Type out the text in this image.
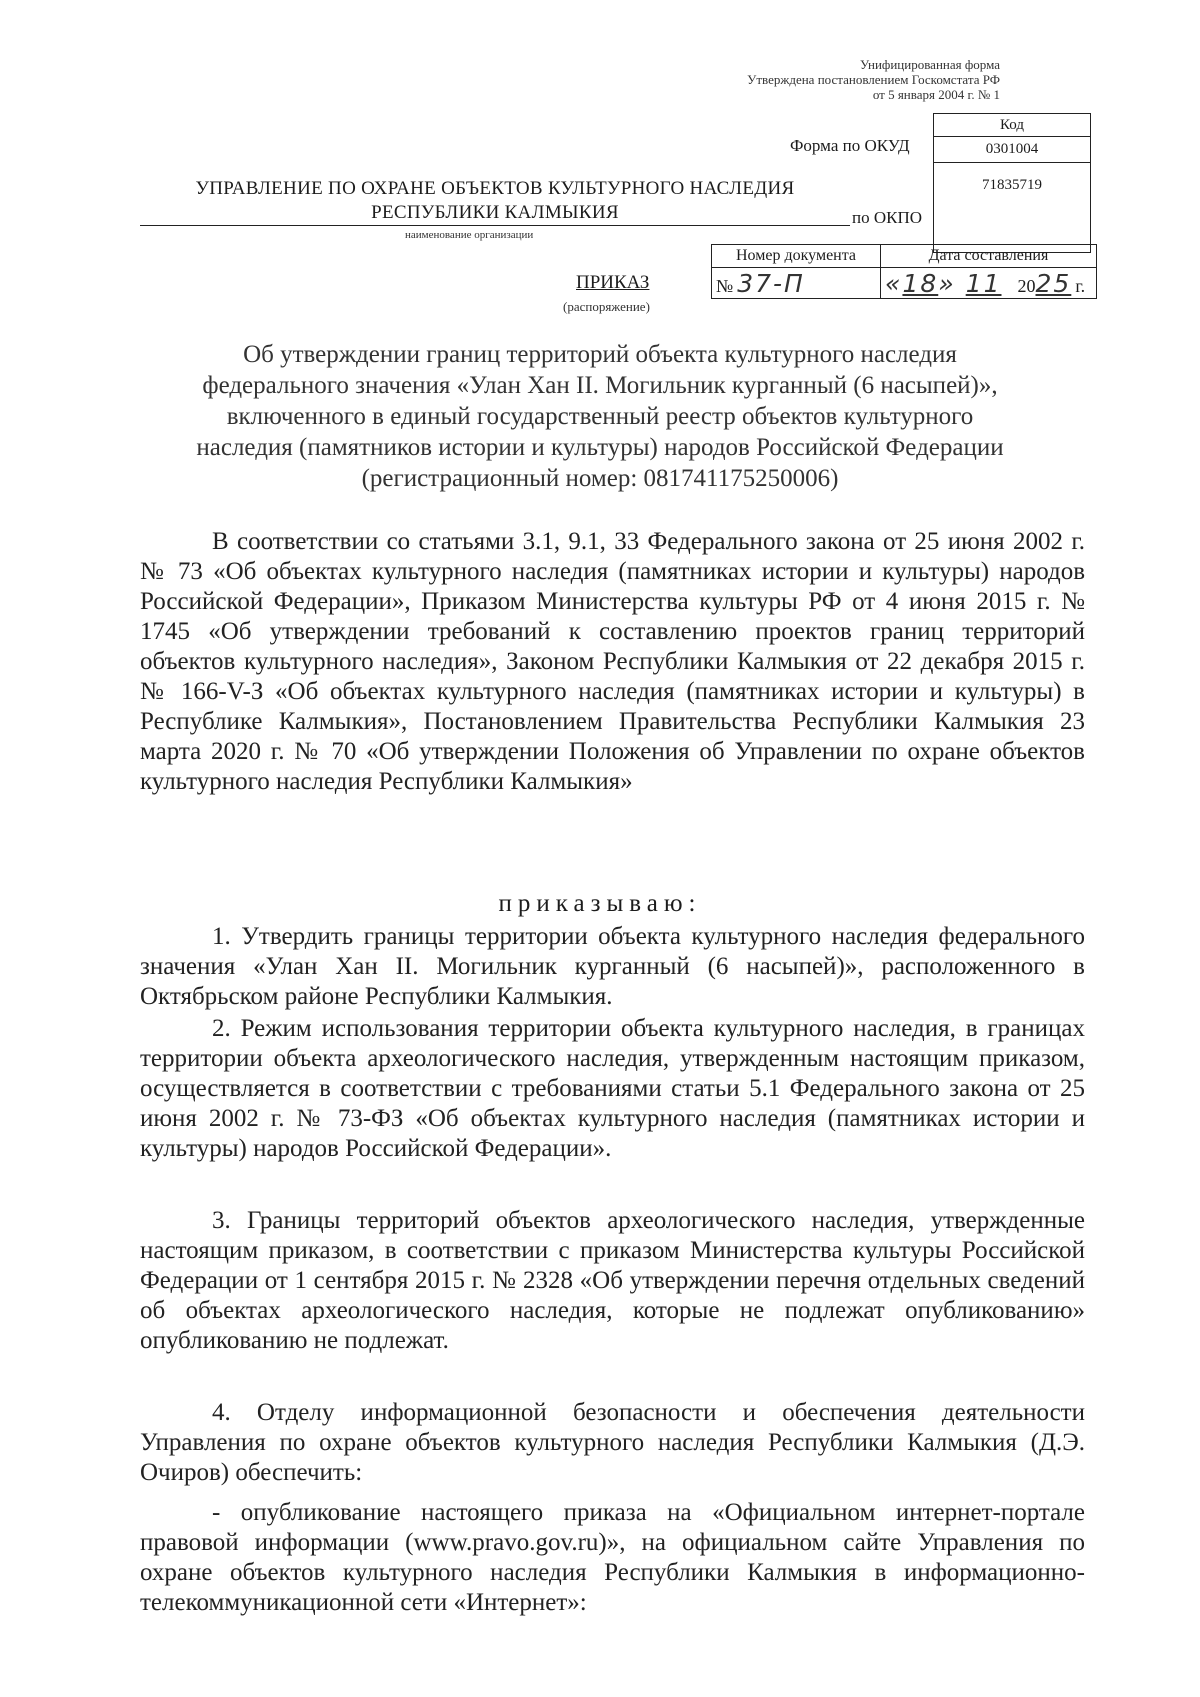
Унифицированная форма
Утверждена постановлением Госкомстата РФ
от 5 января 2004 г. № 1
Форма по ОКУД
Код
0301004
71835719
по ОКПО
УПРАВЛЕНИЕ ПО ОХРАНЕ ОБЪЕКТОВ КУЛЬТУРНОГО НАСЛЕДИЯ
РЕСПУБЛИКИ КАЛМЫКИЯ
наименование организации
ПРИКАЗ
(распоряжение)
Номер документа	Дата составления
№ 37-П	«18» 11 2025 г.
Об утверждении границ территорий объекта культурного наследия
федерального значения «Улан Хан II. Могильник курганный (6 насыпей)»,
включенного в единый государственный реестр объектов культурного
наследия (памятников истории и культуры) народов Российской Федерации
(регистрационный номер: 081741175250006)
В соответствии со статьями 3.1, 9.1, 33 Федерального закона от 25 июня 2002 г. № 73 «Об объектах культурного наследия (памятниках истории и культуры) народов Российской Федерации», Приказом Министерства культуры РФ от 4 июня 2015 г. № 1745 «Об утверждении требований к составлению проектов границ территорий объектов культурного наследия», Законом Республики Калмыкия от 22 декабря 2015 г. № 166-V-З «Об объектах культурного наследия (памятниках истории и культуры) в Республике Калмыкия», Постановлением Правительства Республики Калмыкия 23 марта 2020 г. № 70 «Об утверждении Положения об Управлении по охране объектов культурного наследия Республики Калмыкия»
приказываю:
1. Утвердить границы территории объекта культурного наследия федерального значения «Улан Хан II. Могильник курганный (6 насыпей)», расположенного в Октябрьском районе Республики Калмыкия.
2. Режим использования территории объекта культурного наследия, в границах территории объекта археологического наследия, утвержденным настоящим приказом, осуществляется в соответствии с требованиями статьи 5.1 Федерального закона от 25 июня 2002 г. № 73-ФЗ «Об объектах культурного наследия (памятниках истории и культуры) народов Российской Федерации».
3. Границы территорий объектов археологического наследия, утвержденные настоящим приказом, в соответствии с приказом Министерства культуры Российской Федерации от 1 сентября 2015 г. № 2328 «Об утверждении перечня отдельных сведений об объектах археологического наследия, которые не подлежат опубликованию» опубликованию не подлежат.
4. Отделу информационной безопасности и обеспечения деятельности Управления по охране объектов культурного наследия Республики Калмыкия (Д.Э. Очиров) обеспечить:
- опубликование настоящего приказа на «Официальном интернет-портале правовой информации (www.pravo.gov.ru)», на официальном сайте Управления по охране объектов культурного наследия Республики Калмыкия в информационно-телекоммуникационной сети «Интернет»:
